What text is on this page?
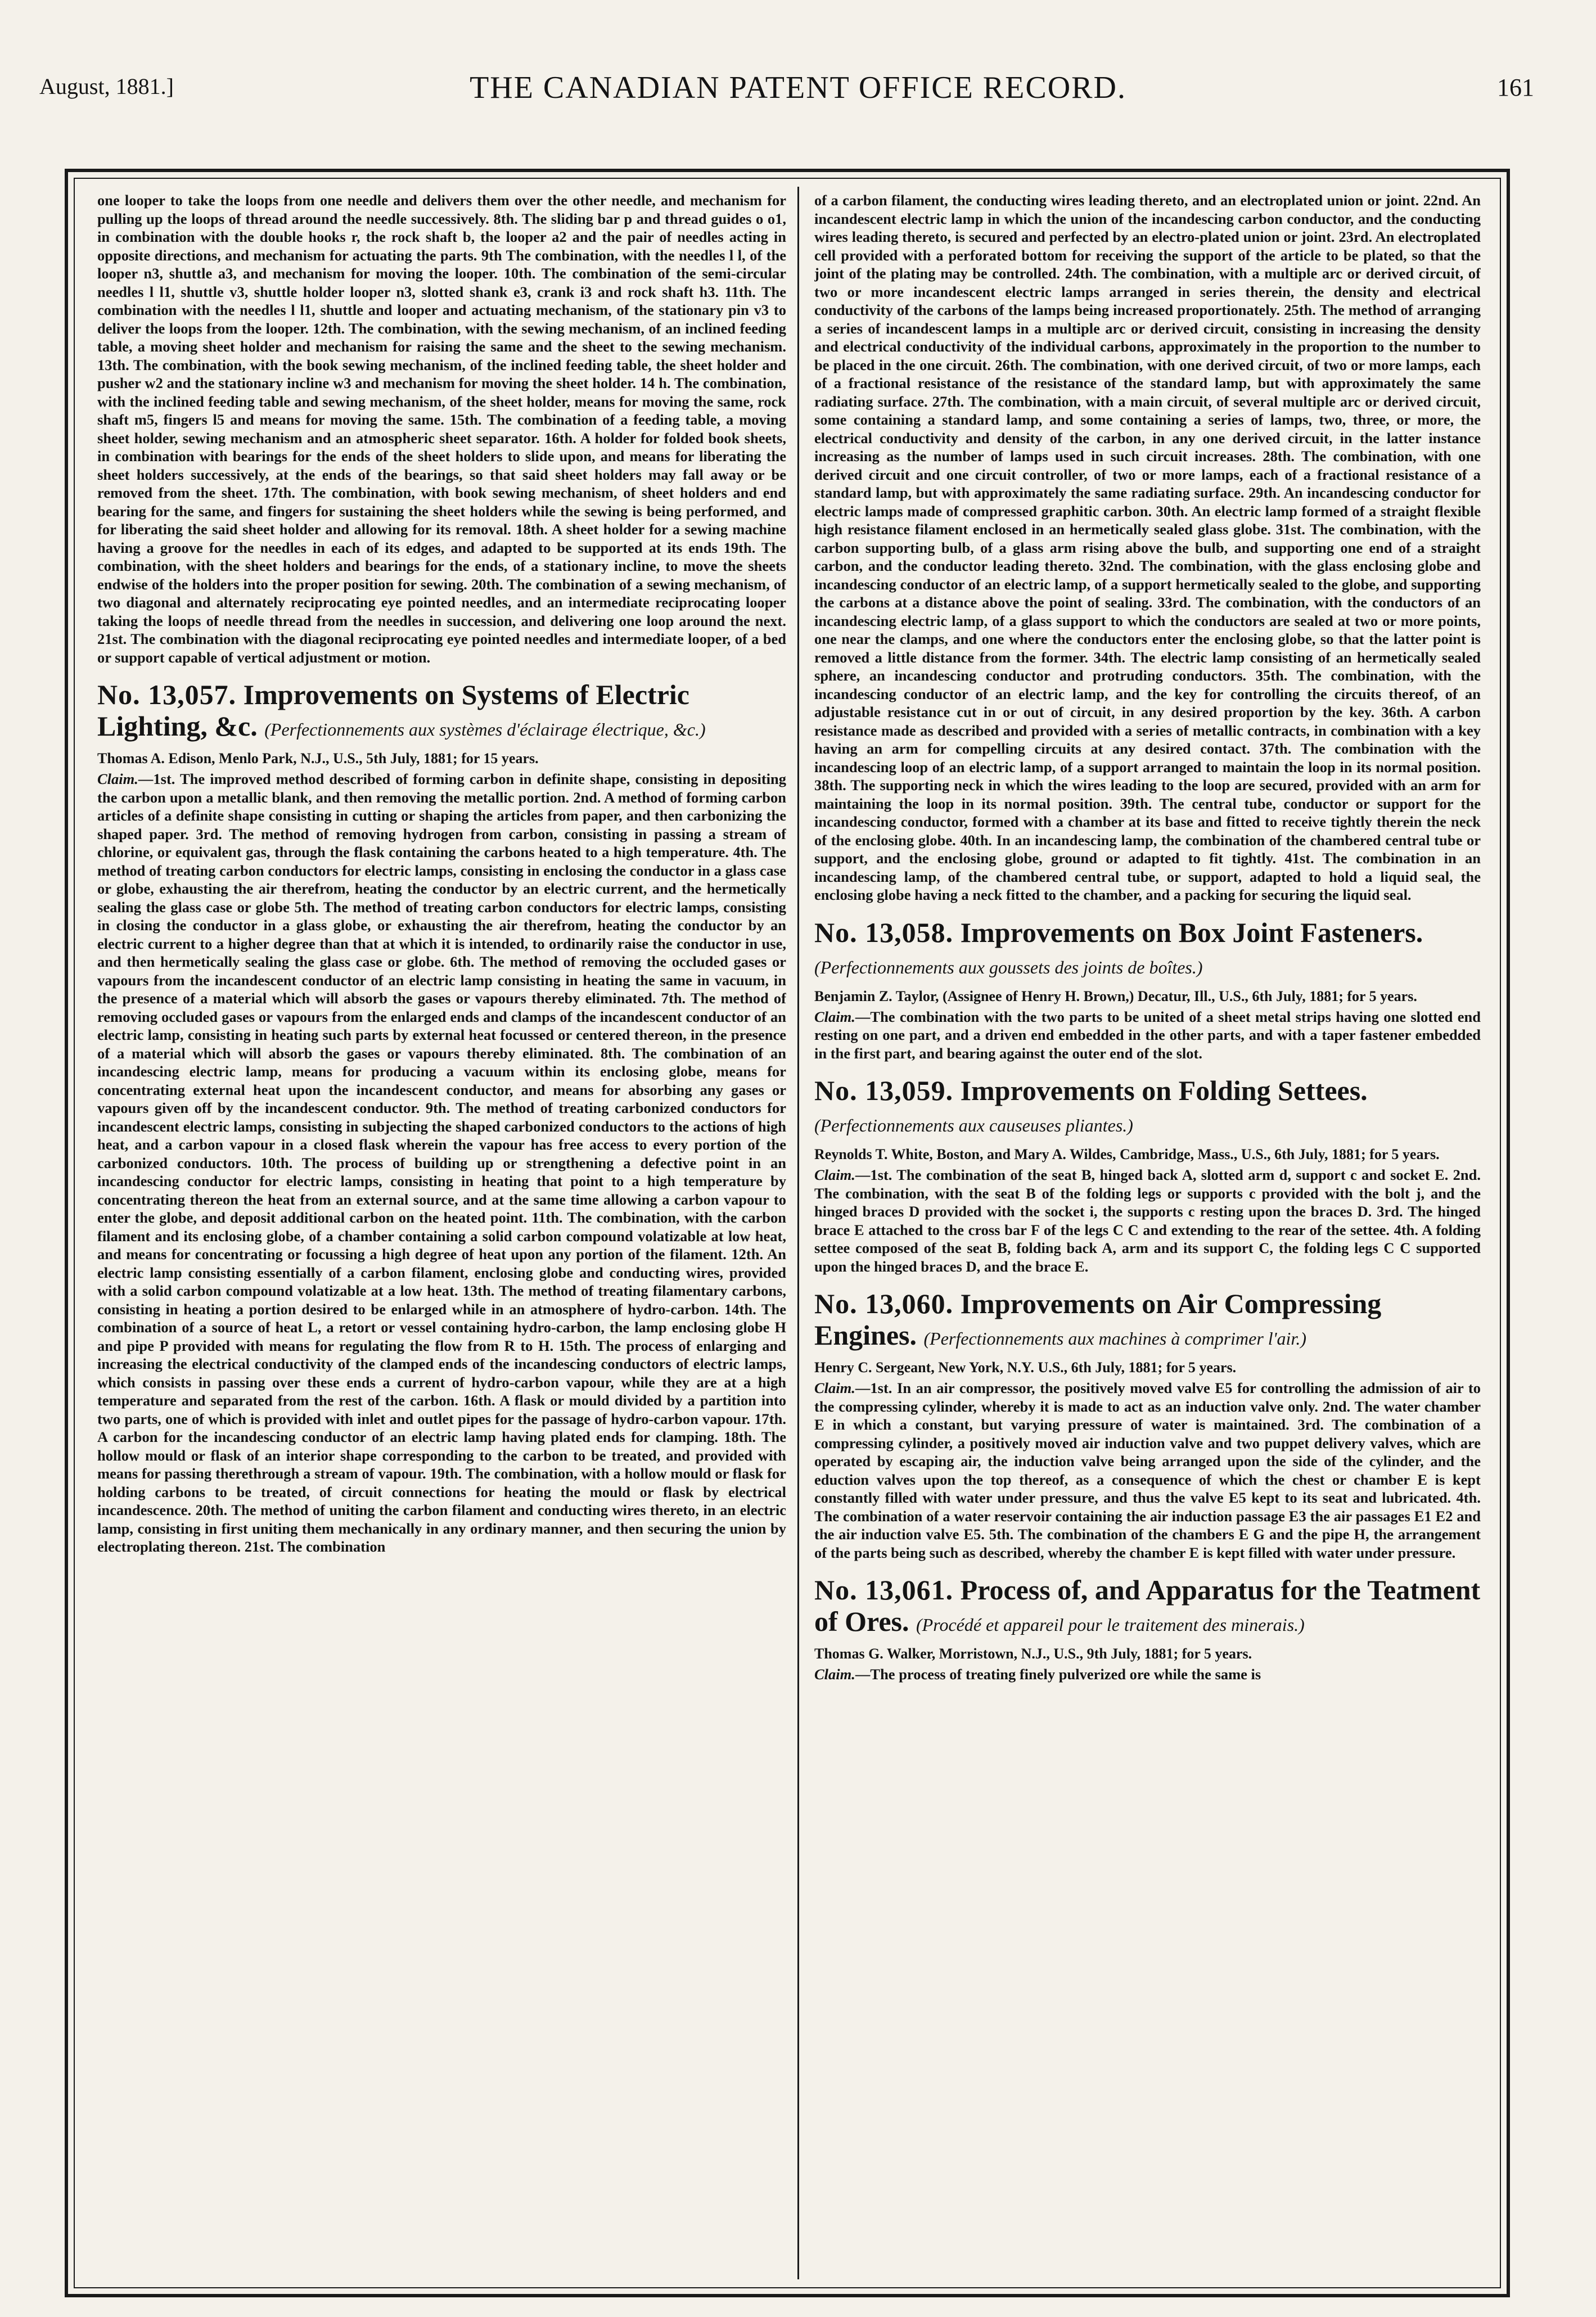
August, 1881.]	THE CANADIAN PATENT OFFICE RECORD.	161

one looper to take the loops from one needle and delivers them over the other needle, and mechanism for pulling up the loops of thread around the needle successively. 8th. The sliding bar p and thread guides o o1, in combination with the double hooks r, the rock shaft b, the looper a2 and the pair of needles acting in opposite directions, and mechanism for actuating the parts. 9th The combination, with the needles l l, of the looper n3, shuttle a3, and mechanism for moving the looper. 10th. The combination of the semi-circular needles l l1, shuttle v3, shuttle holder looper n3, slotted shank e3, crank i3 and rock shaft h3. 11th. The combination with the needles l l1, shuttle and looper and actuating mechanism, of the stationary pin v3 to deliver the loops from the looper. 12th. The combination, with the sewing mechanism, of an inclined feeding table, a moving sheet holder and mechanism for raising the same and the sheet to the sewing mechanism. 13th. The combination, with the book sewing mechanism, of the inclined feeding table, the sheet holder and pusher w2 and the stationary incline w3 and mechanism for moving the sheet holder. 14 h. The combination, with the inclined feeding table and sewing mechanism, of the sheet holder, means for moving the same, rock shaft m5, fingers l5 and means for moving the same. 15th. The combination of a feeding table, a moving sheet holder, sewing mechanism and an atmospheric sheet separator. 16th. A holder for folded book sheets, in combination with bearings for the ends of the sheet holders to slide upon, and means for liberating the sheet holders successively, at the ends of the bearings, so that said sheet holders may fall away or be removed from the sheet. 17th. The combination, with book sewing mechanism, of sheet holders and end bearing for the same, and fingers for sustaining the sheet holders while the sewing is being performed, and for liberating the said sheet holder and allowing for its removal. 18th. A sheet holder for a sewing machine having a groove for the needles in each of its edges, and adapted to be supported at its ends 19th. The combination, with the sheet holders and bearings for the ends, of a stationary incline, to move the sheets endwise of the holders into the proper position for sewing. 20th. The combination of a sewing mechanism, of two diagonal and alternately reciprocating eye pointed needles, and an intermediate reciprocating looper taking the loops of needle thread from the needles in succession, and delivering one loop around the next. 21st. The combination with the diagonal reciprocating eye pointed needles and intermediate looper, of a bed or support capable of vertical adjustment or motion.

No. 13,057. Improvements on Systems of Electric Lighting, &c. (Perfectionnements aux systèmes d'éclairage électrique, &c.)

Thomas A. Edison, Menlo Park, N.J., U.S., 5th July, 1881; for 15 years.

Claim.—1st. The improved method described of forming carbon in definite shape, consisting in depositing the carbon upon a metallic blank, and then removing the metallic portion. 2nd. A method of forming carbon articles of a definite shape consisting in cutting or shaping the articles from paper, and then carbonizing the shaped paper. 3rd. The method of removing hydrogen from carbon, consisting in passing a stream of chlorine, or equivalent gas, through the flask containing the carbons heated to a high temperature. 4th. The method of treating carbon conductors for electric lamps, consisting in enclosing the conductor in a glass case or globe, exhausting the air therefrom, heating the conductor by an electric current, and the hermetically sealing the glass case or globe 5th. The method of treating carbon conductors for electric lamps, consisting in closing the conductor in a glass globe, or exhausting the air therefrom, heating the conductor by an electric current to a higher degree than that at which it is intended, to ordinarily raise the conductor in use, and then hermetically sealing the glass case or globe. 6th. The method of removing the occluded gases or vapours from the incandescent conductor of an electric lamp consisting in heating the same in vacuum, in the presence of a material which will absorb the gases or vapours thereby eliminated. 7th. The method of removing occluded gases or vapours from the enlarged ends and clamps of the incandescent conductor of an electric lamp, consisting in heating such parts by external heat focussed or centered thereon, in the presence of a material which will absorb the gases or vapours thereby eliminated. 8th. The combination of an incandescing electric lamp, means for producing a vacuum within its enclosing globe, means for concentrating external heat upon the incandescent conductor, and means for absorbing any gases or vapours given off by the incandescent conductor. 9th. The method of treating carbonized conductors for incandescent electric lamps, consisting in subjecting the shaped carbonized conductors to the actions of high heat, and a carbon vapour in a closed flask wherein the vapour has free access to every portion of the carbonized conductors. 10th. The process of building up or strengthening a defective point in an incandescing conductor for electric lamps, consisting in heating that point to a high temperature by concentrating thereon the heat from an external source, and at the same time allowing a carbon vapour to enter the globe, and deposit additional carbon on the heated point. 11th. The combination, with the carbon filament and its enclosing globe, of a chamber containing a solid carbon compound volatizable at low heat, and means for concentrating or focussing a high degree of heat upon any portion of the filament. 12th. An electric lamp consisting essentially of a carbon filament, enclosing globe and conducting wires, provided with a solid carbon compound volatizable at a low heat. 13th. The method of treating filamentary carbons, consisting in heating a portion desired to be enlarged while in an atmosphere of hydro-carbon. 14th. The combination of a source of heat L, a retort or vessel containing hydro-carbon, the lamp enclosing globe H and pipe P provided with means for regulating the flow from R to H. 15th. The process of enlarging and increasing the electrical conductivity of the clamped ends of the incandescing conductors of electric lamps, which consists in passing over these ends a current of hydro-carbon vapour, while they are at a high temperature and separated from the rest of the carbon. 16th. A flask or mould divided by a partition into two parts, one of which is provided with inlet and outlet pipes for the passage of hydro-carbon vapour. 17th. A carbon for the incandescing conductor of an electric lamp having plated ends for clamping. 18th. The hollow mould or flask of an interior shape corresponding to the carbon to be treated, and provided with means for passing therethrough a stream of vapour. 19th. The combination, with a hollow mould or flask for holding carbons to be treated, of circuit connections for heating the mould or flask by electrical incandescence. 20th. The method of uniting the carbon filament and conducting wires thereto, in an electric lamp, consisting in first uniting them mechanically in any ordinary manner, and then securing the union by electroplating thereon. 21st. The combination

of a carbon filament, the conducting wires leading thereto, and an electroplated union or joint. 22nd. An incandescent electric lamp in which the union of the incandescing carbon conductor, and the conducting wires leading thereto, is secured and perfected by an electro-plated union or joint. 23rd. An electroplated cell provided with a perforated bottom for receiving the support of the article to be plated, so that the joint of the plating may be controlled. 24th. The combination, with a multiple arc or derived circuit, of two or more incandescent electric lamps arranged in series therein, the density and electrical conductivity of the carbons of the lamps being increased proportionately. 25th. The method of arranging a series of incandescent lamps in a multiple arc or derived circuit, consisting in increasing the density and electrical conductivity of the individual carbons, approximately in the proportion to the number to be placed in the one circuit. 26th. The combination, with one derived circuit, of two or more lamps, each of a fractional resistance of the resistance of the standard lamp, but with approximately the same radiating surface. 27th. The combination, with a main circuit, of several multiple arc or derived circuit, some containing a standard lamp, and some containing a series of lamps, two, three, or more, the electrical conductivity and density of the carbon, in any one derived circuit, in the latter instance increasing as the number of lamps used in such circuit increases. 28th. The combination, with one derived circuit and one circuit controller, of two or more lamps, each of a fractional resistance of a standard lamp, but with approximately the same radiating surface. 29th. An incandescing conductor for electric lamps made of compressed graphitic carbon. 30th. An electric lamp formed of a straight flexible high resistance filament enclosed in an hermetically sealed glass globe. 31st. The combination, with the carbon supporting bulb, of a glass arm rising above the bulb, and supporting one end of a straight carbon, and the conductor leading thereto. 32nd. The combination, with the glass enclosing globe and incandescing conductor of an electric lamp, of a support hermetically sealed to the globe, and supporting the carbons at a distance above the point of sealing. 33rd. The combination, with the conductors of an incandescing electric lamp, of a glass support to which the conductors are sealed at two or more points, one near the clamps, and one where the conductors enter the enclosing globe, so that the latter point is removed a little distance from the former. 34th. The electric lamp consisting of an hermetically sealed sphere, an incandescing conductor and protruding conductors. 35th. The combination, with the incandescing conductor of an electric lamp, and the key for controlling the circuits thereof, of an adjustable resistance cut in or out of circuit, in any desired proportion by the key. 36th. A carbon resistance made as described and provided with a series of metallic contracts, in combination with a key having an arm for compelling circuits at any desired contact. 37th. The combination with the incandescing loop of an electric lamp, of a support arranged to maintain the loop in its normal position. 38th. The supporting neck in which the wires leading to the loop are secured, provided with an arm for maintaining the loop in its normal position. 39th. The central tube, conductor or support for the incandescing conductor, formed with a chamber at its base and fitted to receive tightly therein the neck of the enclosing globe. 40th. In an incandescing lamp, the combination of the chambered central tube or support, and the enclosing globe, ground or adapted to fit tightly. 41st. The combination in an incandescing lamp, of the chambered central tube, or support, adapted to hold a liquid seal, the enclosing globe having a neck fitted to the chamber, and a packing for securing the liquid seal.

No. 13,058. Improvements on Box Joint Fasteners. (Perfectionnements aux goussets des joints de boîtes.)

Benjamin Z. Taylor, (Assignee of Henry H. Brown,) Decatur, Ill., U.S., 6th July, 1881; for 5 years.

Claim.—The combination with the two parts to be united of a sheet metal strips having one slotted end resting on one part, and a driven end embedded in the other parts, and with a taper fastener embedded in the first part, and bearing against the outer end of the slot.

No. 13,059. Improvements on Folding Settees. (Perfectionnements aux causeuses pliantes.)

Reynolds T. White, Boston, and Mary A. Wildes, Cambridge, Mass., U.S., 6th July, 1881; for 5 years.

Claim.—1st. The combination of the seat B, hinged back A, slotted arm d, support c and socket E. 2nd. The combination, with the seat B of the folding legs or supports c provided with the bolt j, and the hinged braces D provided with the socket i, the supports c resting upon the braces D. 3rd. The hinged brace E attached to the cross bar F of the legs C C and extending to the rear of the settee. 4th. A folding settee composed of the seat B, folding back A, arm and its support C, the folding legs C C supported upon the hinged braces D, and the brace E.

No. 13,060. Improvements on Air Compressing Engines. (Perfectionnements aux machines à comprimer l'air.)

Henry C. Sergeant, New York, N.Y. U.S., 6th July, 1881; for 5 years.

Claim.—1st. In an air compressor, the positively moved valve E5 for controlling the admission of air to the compressing cylinder, whereby it is made to act as an induction valve only. 2nd. The water chamber E in which a constant, but varying pressure of water is maintained. 3rd. The combination of a compressing cylinder, a positively moved air induction valve and two puppet delivery valves, which are operated by escaping air, the induction valve being arranged upon the side of the cylinder, and the eduction valves upon the top thereof, as a consequence of which the chest or chamber E is kept constantly filled with water under pressure, and thus the valve E5 kept to its seat and lubricated. 4th. The combination of a water reservoir containing the air induction passage E3 the air passages E1 E2 and the air induction valve E5. 5th. The combination of the chambers E G and the pipe H, the arrangement of the parts being such as described, whereby the chamber E is kept filled with water under pressure.

No. 13,061. Process of, and Apparatus for the Teatment of Ores. (Procédé et appareil pour le traitement des minerais.)

Thomas G. Walker, Morristown, N.J., U.S., 9th July, 1881; for 5 years.

Claim.—The process of treating finely pulverized ore while the same is
